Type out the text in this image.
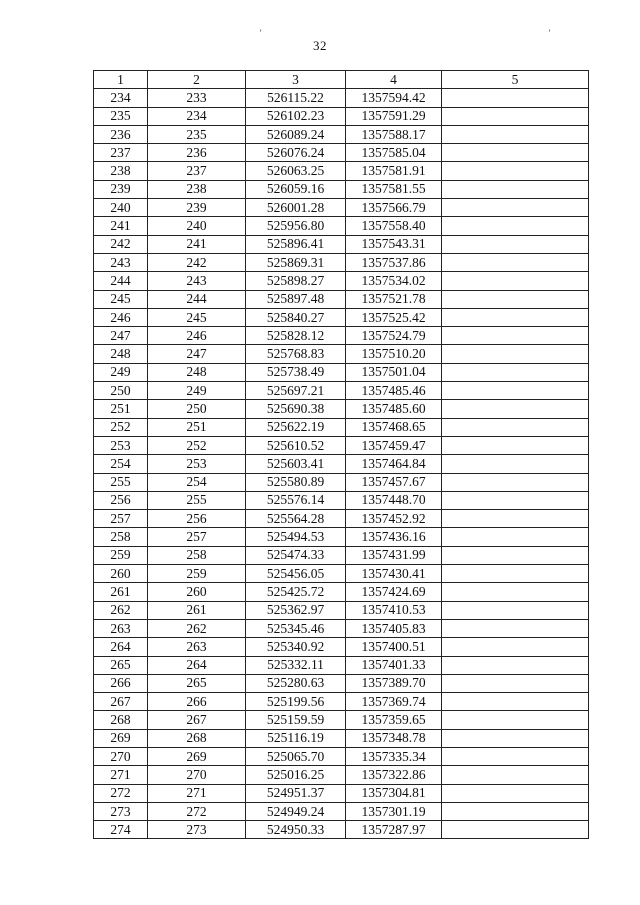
’	’
32
1	2	3	4	5
234	233	526115.22	1357594.42	
235	234	526102.23	1357591.29	
236	235	526089.24	1357588.17	
237	236	526076.24	1357585.04	
238	237	526063.25	1357581.91	
239	238	526059.16	1357581.55	
240	239	526001.28	1357566.79	
241	240	525956.80	1357558.40	
242	241	525896.41	1357543.31	
243	242	525869.31	1357537.86	
244	243	525898.27	1357534.02	
245	244	525897.48	1357521.78	
246	245	525840.27	1357525.42	
247	246	525828.12	1357524.79	
248	247	525768.83	1357510.20	
249	248	525738.49	1357501.04	
250	249	525697.21	1357485.46	
251	250	525690.38	1357485.60	
252	251	525622.19	1357468.65	
253	252	525610.52	1357459.47	
254	253	525603.41	1357464.84	
255	254	525580.89	1357457.67	
256	255	525576.14	1357448.70	
257	256	525564.28	1357452.92	
258	257	525494.53	1357436.16	
259	258	525474.33	1357431.99	
260	259	525456.05	1357430.41	
261	260	525425.72	1357424.69	
262	261	525362.97	1357410.53	
263	262	525345.46	1357405.83	
264	263	525340.92	1357400.51	
265	264	525332.11	1357401.33	
266	265	525280.63	1357389.70	
267	266	525199.56	1357369.74	
268	267	525159.59	1357359.65	
269	268	525116.19	1357348.78	
270	269	525065.70	1357335.34	
271	270	525016.25	1357322.86	
272	271	524951.37	1357304.81	
273	272	524949.24	1357301.19	
274	273	524950.33	1357287.97	
